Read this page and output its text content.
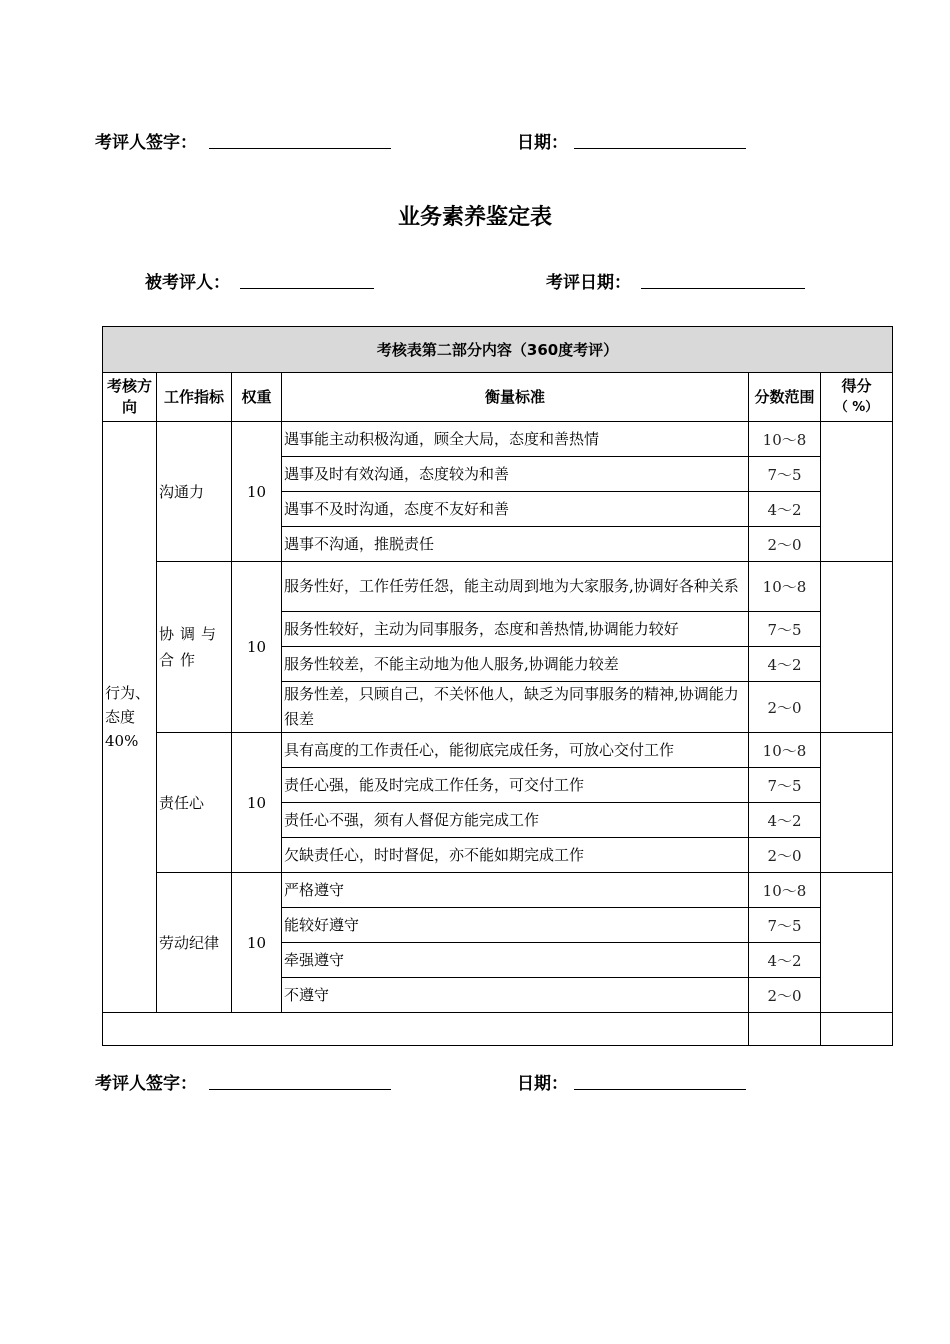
考评人签字：	日期：
业务素养鉴定表
被考评人：	考评日期：
考核表第二部分内容（360度考评）					
考核方向	工作指标	权重	衡量标准	分数范围	得分
（ %）

行为、态度40%	沟通力	10	遇事能主动积极沟通，顾全大局，态度和善热情	10～8	
			遇事及时有效沟通，态度较为和善	7～5	
			遇事不及时沟通，态度不友好和善	4～2	
			遇事不沟通，推脱责任	2～0	
	协调与合作	10	服务性好，工作任劳任怨，能主动周到地为大家服务,协调好各种关系	10～8	
			服务性较好，主动为同事服务，态度和善热情,协调能力较好	7～5	
			服务性较差，不能主动地为他人服务,协调能力较差	4～2	
			服务性差，只顾自己，不关怀他人，缺乏为同事服务的精神,协调能力很差	2～0	
	责任心	10	具有高度的工作责任心，能彻底完成任务，可放心交付工作	10～8	
			责任心强，能及时完成工作任务，可交付工作	7～5	
			责任心不强，须有人督促方能完成工作	4～2	
			欠缺责任心，时时督促，亦不能如期完成工作	2～0	
	劳动纪律	10	严格遵守	10～8	
			能较好遵守	7～5	
			牵强遵守	4～2	
			不遵守	2～0	

考评人签字：	日期：
